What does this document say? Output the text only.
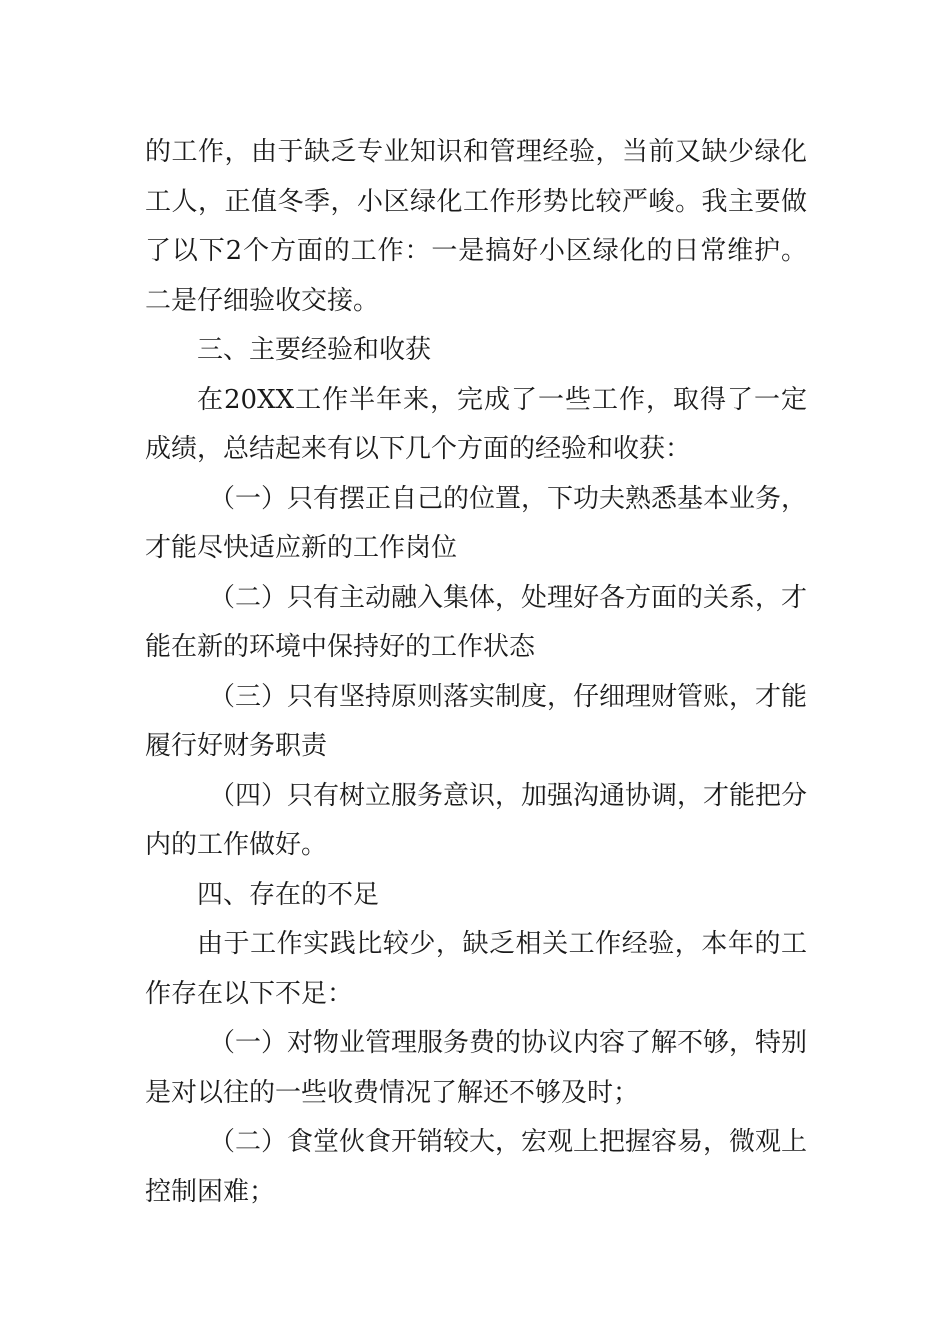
的工作，由于缺乏专业知识和管理经验，当前又缺少绿化工人，正值冬季，小区绿化工作形势比较严峻。我主要做了以下2个方面的工作：一是搞好小区绿化的日常维护。二是仔细验收交接。

三、主要经验和收获

在20XX工作半年来，完成了一些工作，取得了一定成绩，总结起来有以下几个方面的经验和收获：

（一）只有摆正自己的位置，下功夫熟悉基本业务，才能尽快适应新的工作岗位

（二）只有主动融入集体，处理好各方面的关系，才能在新的环境中保持好的工作状态

（三）只有坚持原则落实制度，仔细理财管账，才能履行好财务职责

（四）只有树立服务意识，加强沟通协调，才能把分内的工作做好。

四、存在的不足

由于工作实践比较少，缺乏相关工作经验，本年的工作存在以下不足：

（一）对物业管理服务费的协议内容了解不够，特别是对以往的一些收费情况了解还不够及时；

（二）食堂伙食开销较大，宏观上把握容易，微观上控制困难；
